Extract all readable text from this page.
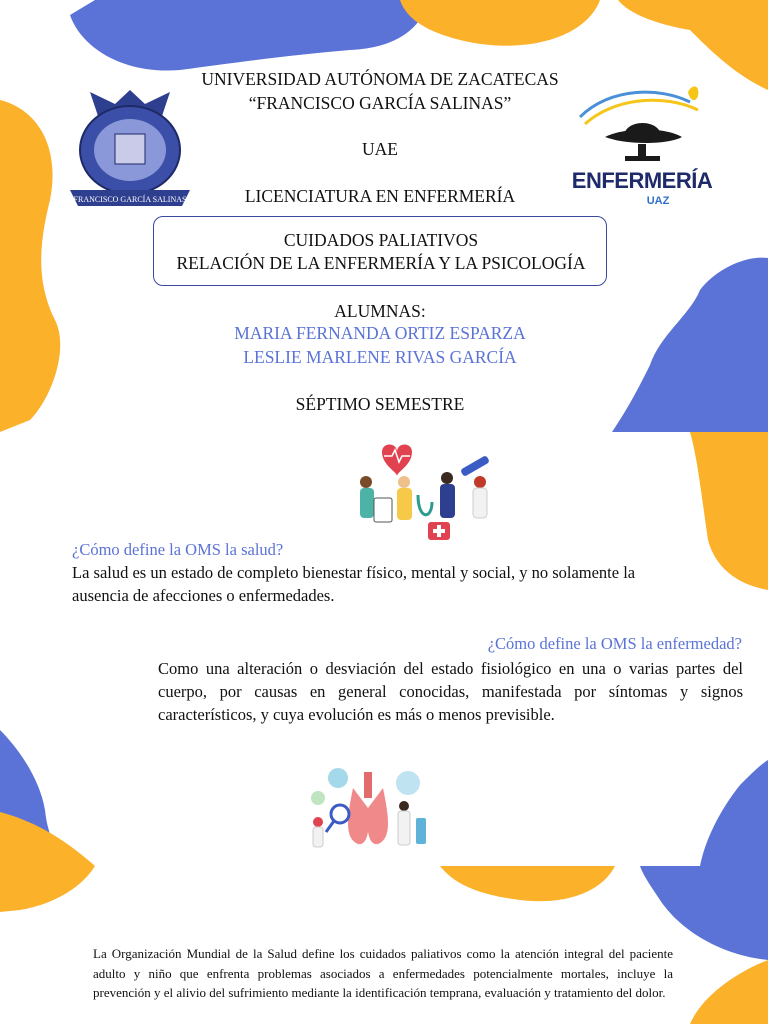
FRANCISCO GARCÍA SALINAS
ENFERMERÍA
UAZ
UNIVERSIDAD AUTÓNOMA DE ZACATECAS
“FRANCISCO GARCÍA SALINAS”
UAE
LICENCIATURA EN ENFERMERÍA
CUIDADOS PALIATIVOS
RELACIÓN DE LA ENFERMERÍA Y LA PSICOLOGÍA
ALUMNAS:
MARIA FERNANDA ORTIZ ESPARZA
LESLIE MARLENE RIVAS GARCÍA
SÉPTIMO SEMESTRE
¿Cómo define la OMS la salud?
La salud es un estado de completo bienestar físico, mental y social, y no solamente la ausencia de afecciones o enfermedades.
¿Cómo define la OMS la enfermedad?
Como una alteración o desviación del estado fisiológico en una o varias partes del cuerpo, por causas en general conocidas, manifestada por síntomas y signos característicos, y cuya evolución es más o menos previsible.
La Organización Mundial de la Salud define los cuidados paliativos como la atención integral del paciente adulto y niño que enfrenta problemas asociados a enfermedades potencialmente mortales, incluye la prevención y el alivio del sufrimiento mediante la identificación temprana, evaluación y tratamiento del dolor.
